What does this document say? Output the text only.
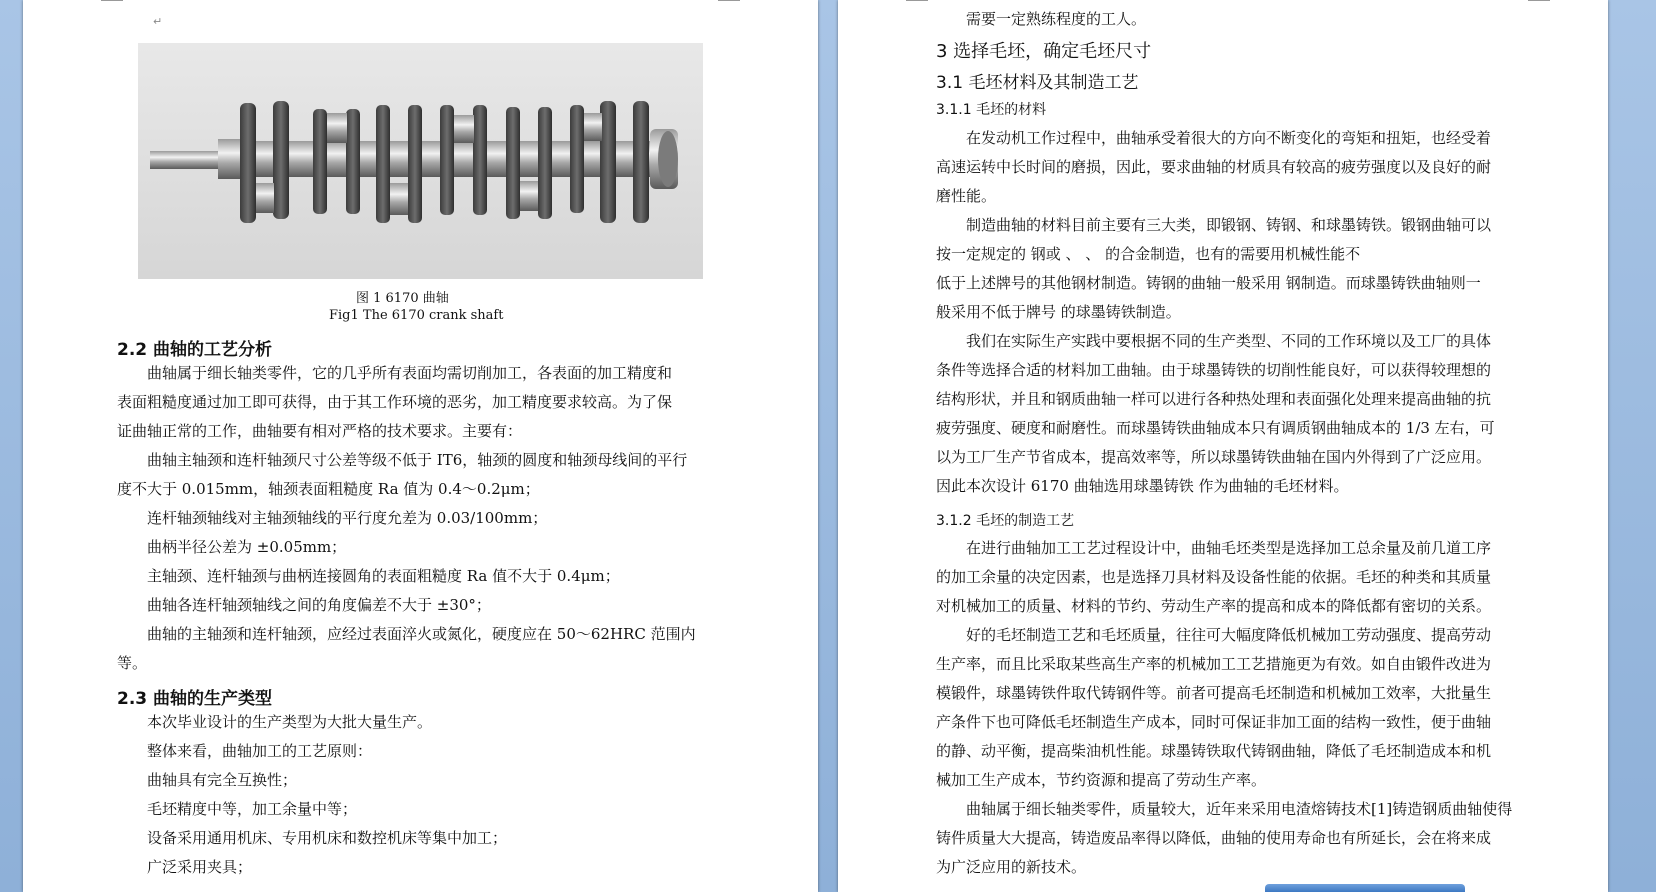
↵
图 1 6170 曲轴
Fig1 The 6170 crank shaft
2.2 曲轴的工艺分析
曲轴属于细长轴类零件，它的几乎所有表面均需切削加工，各表面的加工精度和
表面粗糙度通过加工即可获得，由于其工作环境的恶劣，加工精度要求较高。为了保
证曲轴正常的工作，曲轴要有相对严格的技术要求。主要有：
曲轴主轴颈和连杆轴颈尺寸公差等级不低于 IT6，轴颈的圆度和轴颈母线间的平行
度不大于 0.015mm，轴颈表面粗糙度 Ra 值为 0.4～0.2μm；
连杆轴颈轴线对主轴颈轴线的平行度允差为 0.03/100mm；
曲柄半径公差为 ±0.05mm；
主轴颈、连杆轴颈与曲柄连接圆角的表面粗糙度 Ra 值不大于 0.4μm；
曲轴各连杆轴颈轴线之间的角度偏差不大于 ±30°；
曲轴的主轴颈和连杆轴颈，应经过表面淬火或氮化，硬度应在 50～62HRC 范围内
等。
2.3 曲轴的生产类型
本次毕业设计的生产类型为大批大量生产。
整体来看，曲轴加工的工艺原则：
曲轴具有完全互换性；
毛坯精度中等，加工余量中等；
设备采用通用机床、专用机床和数控机床等集中加工；
广泛采用夹具；
需要一定熟练程度的工人。
3 选择毛坯，确定毛坯尺寸
3.1 毛坯材料及其制造工艺
3.1.1 毛坯的材料
在发动机工作过程中，曲轴承受着很大的方向不断变化的弯矩和扭矩，也经受着
高速运转中长时间的磨损，因此，要求曲轴的材质具有较高的疲劳强度以及良好的耐
磨性能。
制造曲轴的材料目前主要有三大类，即锻钢、铸钢、和球墨铸铁。锻钢曲轴可以
按一定规定的 钢或 、 、 的合金制造，也有的需要用机械性能不
低于上述牌号的其他钢材制造。铸钢的曲轴一般采用 钢制造。而球墨铸铁曲轴则一
般采用不低于牌号 的球墨铸铁制造。
我们在实际生产实践中要根据不同的生产类型、不同的工作环境以及工厂的具体
条件等选择合适的材料加工曲轴。由于球墨铸铁的切削性能良好，可以获得较理想的
结构形状，并且和钢质曲轴一样可以进行各种热处理和表面强化处理来提高曲轴的抗
疲劳强度、硬度和耐磨性。而球墨铸铁曲轴成本只有调质钢曲轴成本的 1/3 左右，可
以为工厂生产节省成本，提高效率等，所以球墨铸铁曲轴在国内外得到了广泛应用。
因此本次设计 6170 曲轴选用球墨铸铁 作为曲轴的毛坯材料。
3.1.2 毛坯的制造工艺
在进行曲轴加工工艺过程设计中，曲轴毛坯类型是选择加工总余量及前几道工序
的加工余量的决定因素，也是选择刀具材料及设备性能的依据。毛坯的种类和其质量
对机械加工的质量、材料的节约、劳动生产率的提高和成本的降低都有密切的关系。
好的毛坯制造工艺和毛坯质量，往往可大幅度降低机械加工劳动强度、提高劳动
生产率，而且比采取某些高生产率的机械加工工艺措施更为有效。如自由锻件改进为
模锻件，球墨铸铁件取代铸钢件等。前者可提高毛坯制造和机械加工效率，大批量生
产条件下也可降低毛坯制造生产成本，同时可保证非加工面的结构一致性，便于曲轴
的静、动平衡，提高柴油机性能。球墨铸铁取代铸钢曲轴，降低了毛坯制造成本和机
械加工生产成本，节约资源和提高了劳动生产率。
曲轴属于细长轴类零件，质量较大，近年来采用电渣熔铸技术[1]铸造钢质曲轴使得
铸件质量大大提高，铸造废品率得以降低，曲轴的使用寿命也有所延长，会在将来成
为广泛应用的新技术。
